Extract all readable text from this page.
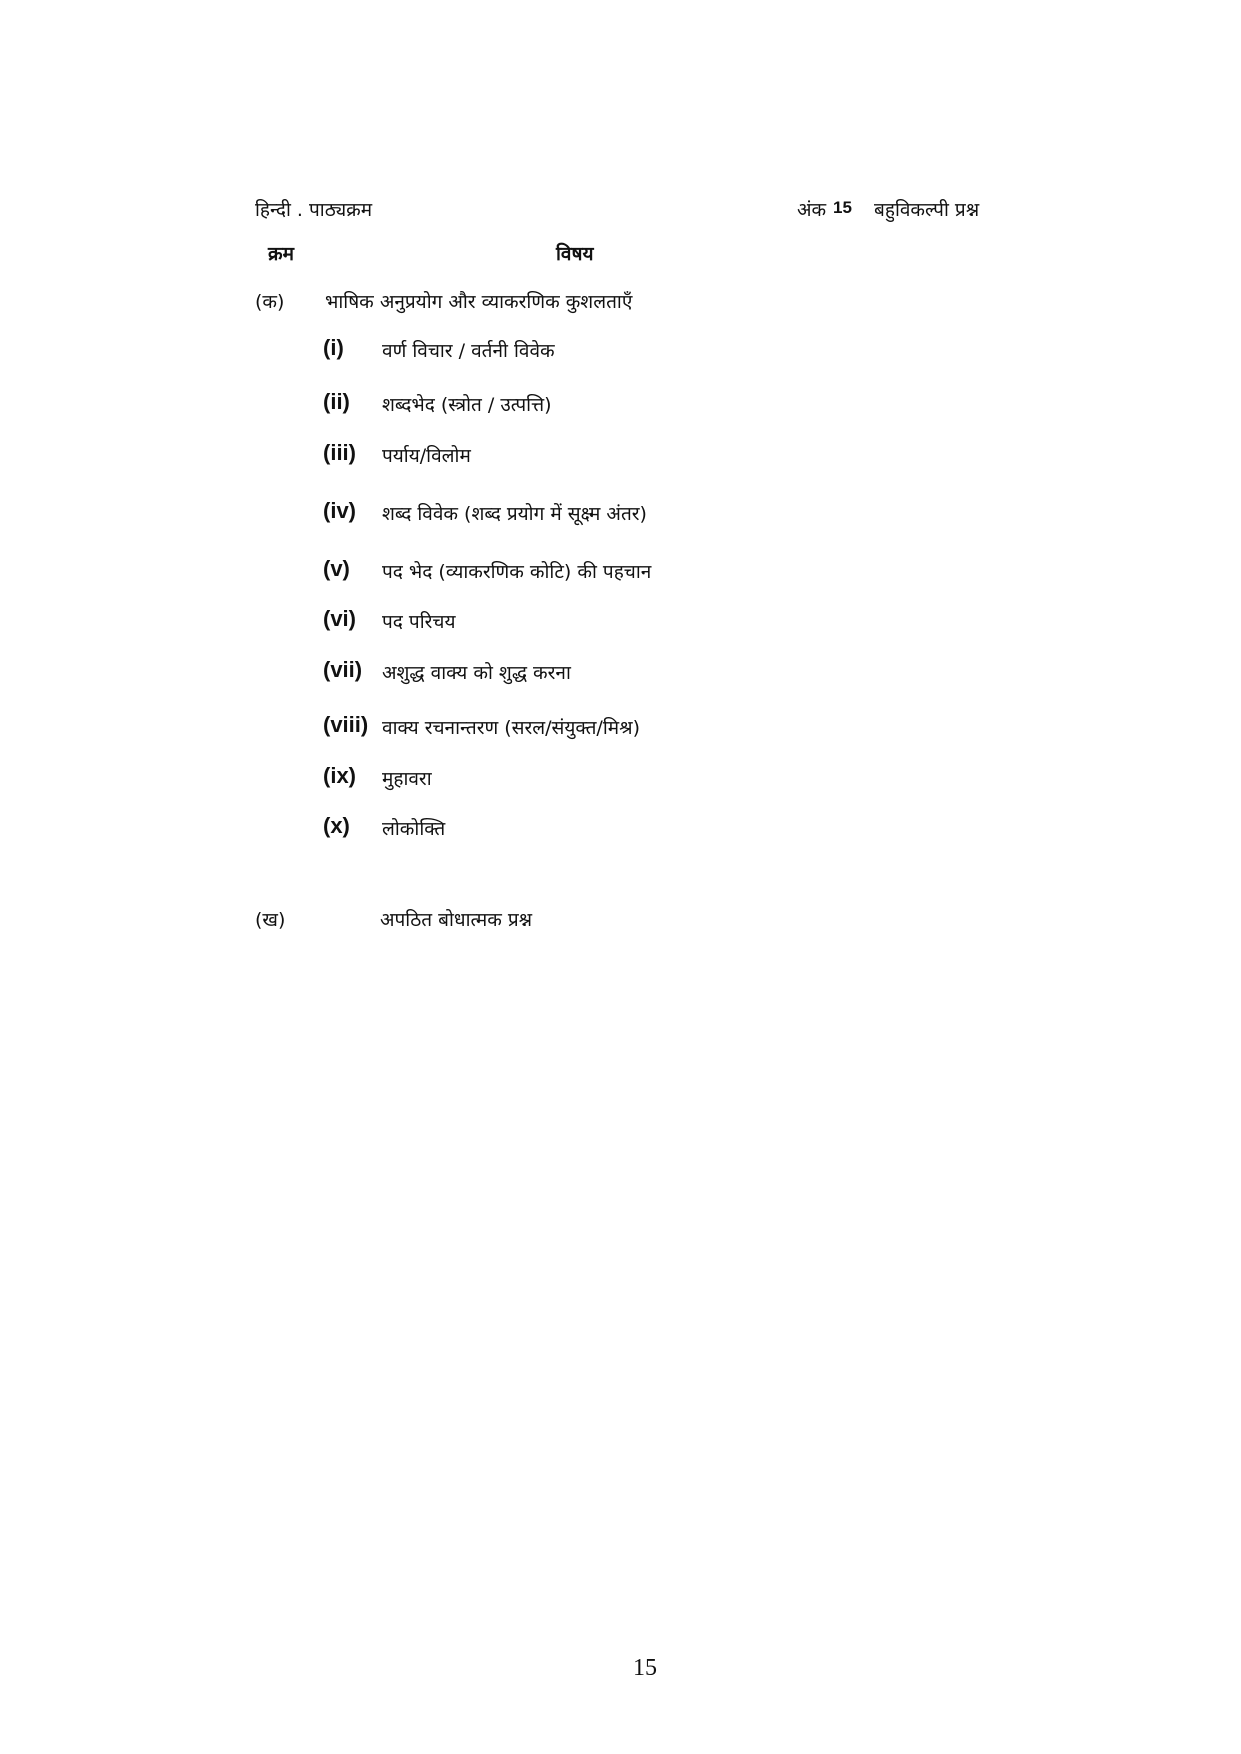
हिन्दी . पाठ्यक्रम	अंक 15 बहुविकल्पी प्रश्न
क्रम	विषय
(क) भाषिक अनुप्रयोग और व्याकरणिक कुशलताएँ
(i) वर्ण विचार / वर्तनी विवेक
(ii) शब्दभेद (स्त्रोत / उत्पत्ति)
(iii) पर्याय/विलोम
(iv) शब्द विवेक (शब्द प्रयोग में सूक्ष्म अंतर)
(v) पद भेद (व्याकरणिक कोटि) की पहचान
(vi) पद परिचय
(vii) अशुद्ध वाक्य को शुद्ध करना
(viii) वाक्य रचनान्तरण (सरल/संयुक्त/मिश्र)
(ix) मुहावरा
(x) लोकोक्ति
(ख)	अपठित बोधात्मक प्रश्न
15
